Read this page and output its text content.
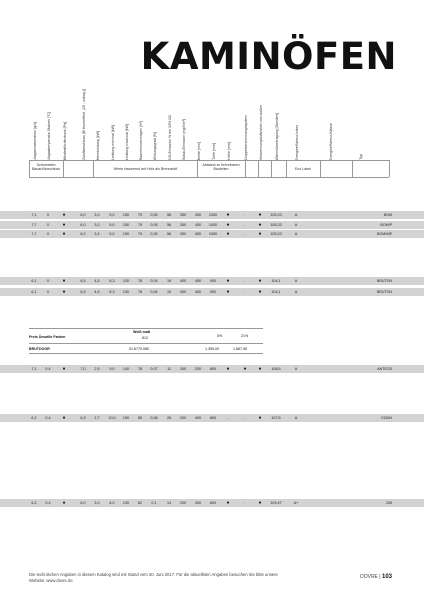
KAMINÖFEN
Abgasmassestrom [g/s]	Abgastemperatur Stutzen [°C]	Mindestförderdruck [Pa]	Zuluftanschluss [Ø Hocheffekt. (25 - notwg.)]	Nennleistung [kW]	Leistung minimal [kW]	Leistung maximal [kW]	Raumheizvermögen [m³]	Wirkungsgrad [%]	CO-Emission % bei 13% O2	Staub-Emission [mg/Nm³]	Breite [mm]	Tiefe [mm]	Höhe [mm]	Doppelverbrennungssystem	Verbrennungsluftzufuhr von außen	Wärmeübertragung [Stunden]	Energieeffizienz-Index	Energieeffizienz-Klasse	Typ
Schornstein Bauart/Anschluss	Werte basierend auf Holz als Brennstoff
Abstand zu brennbaren Bauteilen	Eco Label
7,1	0	●	6,0	3,0	5,0	150	79	0,05	56	350	450	1000	●	-	●	105,33	A	BOM
7,7	0	●	6,0	3,0	5,0	150	79	0,05	56	350	450	1000	●	-	●	105,33	A	BOM/P
7,7	0	●	6,0	3,4	5,0	150	79	0,05	56	350	450	1000	●	-	●	105,33	A	BOM/WE
6,1	0	●	6,5	4,5	8,3	130	78	0,04	19	400	450	900	●	-	●	104,1	A	BRUTON
6,1	0	●	6,5	4,5	8,3	130	78	0,04	19	400	450	900	●	-	●	104,1	A	BRUTON
7,1	0,4	●	7,0	2,5	9,0	140	78	0,07	11	200	200	800	●	●	●	108,5	A	ANTEOS
6,2	0,4	●	6,9	2,7	10,0	150	80	0,08	28	200	400	800	-	-	●	107,5	A	EZ694
6,2	0,4	●	6,0	3,0	8,0	130	82	0,1	14	200	400	800	●	-	●	109,47	A+	206
Preis Ümwille Farben
Weiß matt
812	0%	21%
BRUTDOOR	01.6770.080	1.395,00	1.687,95
Die technischen Angaben in diesem Katalog sind mit Stand vom 30. Juni 2017. Für die aktuellsten Angaben besuchen Sie bitte unsere
Website: www.dovre.de
DOVRE | 103
